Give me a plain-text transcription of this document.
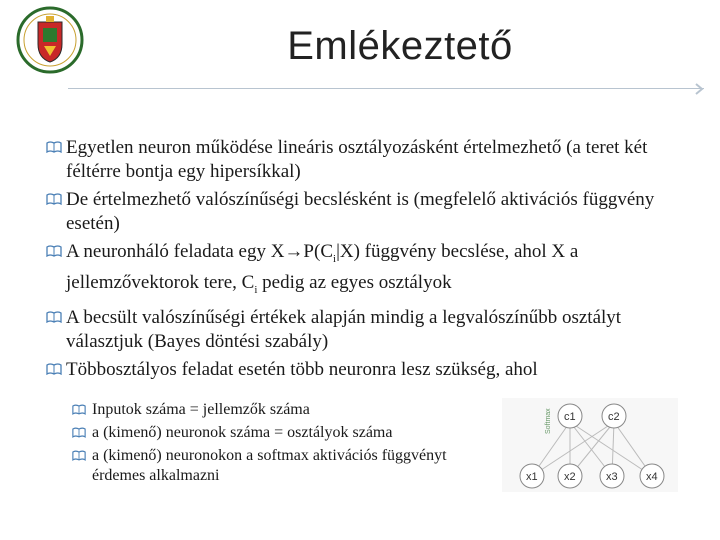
Emlékeztető
Egyetlen neuron működése lineáris osztályozásként értelmezhető (a teret két féltérre bontja egy hipersíkkal)
De értelmezhető valószínűségi becslésként is (megfelelő aktivációs függvény esetén)
A neuronháló feladata egy $X\to P(C_i|X)$ függvény becslése, ahol X a jellemzővektorok tere, $C_i$ pedig az egyes osztályok
A becsült valószínűségi értékek alapján mindig a legvalószínűbb osztályt választjuk (Bayes döntési szabály)
Többosztályos feladat esetén több neuronra lesz szükség, ahol
Inputok száma = jellemzők száma
a (kimenő) neuronok száma = osztályok száma
a (kimenő) neuronokon a softmax aktivációs függvényt érdemes alkalmazni
c1	c2
x1 x2	x3	x4
Softmax
